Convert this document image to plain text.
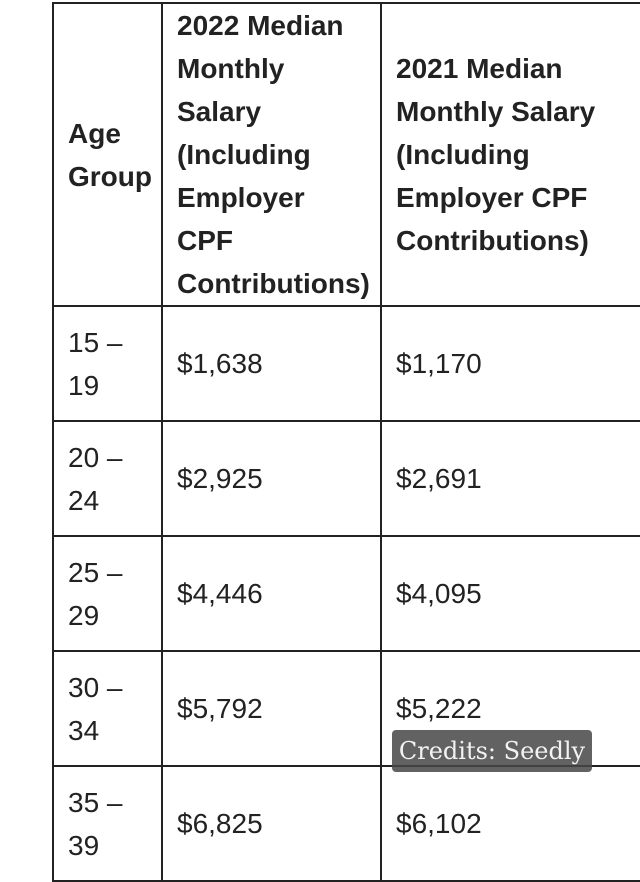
Age Group	2022 Median Monthly Salary (Including Employer CPF Contributions)	2021 Median Monthly Salary (Including Employer CPF Contributions)
15 – 19	$1,638	$1,170
20 – 24	$2,925	$2,691
25 – 29	$4,446	$4,095
30 – 34	$5,792	$5,222
35 – 39	$6,825	$6,102
Credits: Seedly
